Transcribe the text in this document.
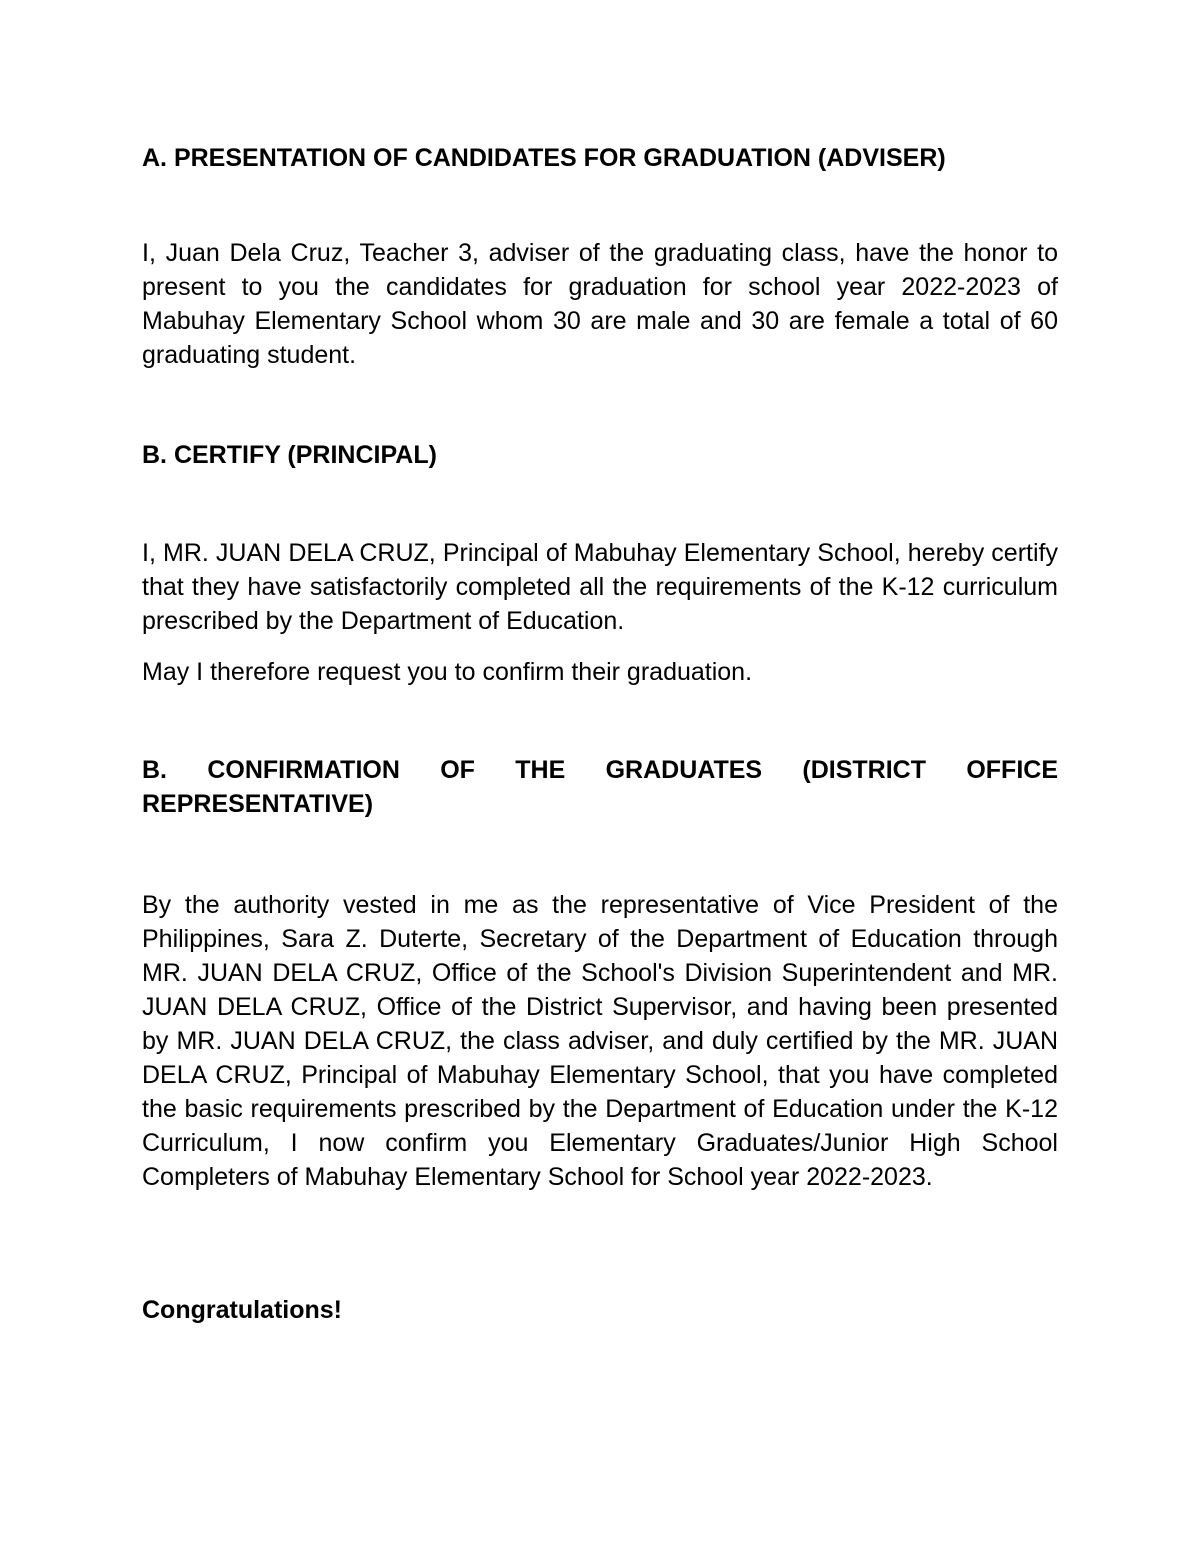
A. PRESENTATION OF CANDIDATES FOR GRADUATION (ADVISER)

I, Juan Dela Cruz, Teacher 3, adviser of the graduating class, have the honor to present to you the candidates for graduation for school year 2022-2023 of Mabuhay Elementary School whom 30 are male and 30 are female a total of 60 graduating student.

B. CERTIFY (PRINCIPAL)

I, MR. JUAN DELA CRUZ, Principal of Mabuhay Elementary School, hereby certify that they have satisfactorily completed all the requirements of the K-12 curriculum prescribed by the Department of Education.

May I therefore request you to confirm their graduation.

B. CONFIRMATION OF THE GRADUATES (DISTRICT OFFICE REPRESENTATIVE)

By the authority vested in me as the representative of Vice President of the Philippines, Sara Z. Duterte, Secretary of the Department of Education through MR. JUAN DELA CRUZ, Office of the School's Division Superintendent and MR. JUAN DELA CRUZ, Office of the District Supervisor, and having been presented by MR. JUAN DELA CRUZ, the class adviser, and duly certified by the MR. JUAN DELA CRUZ, Principal of Mabuhay Elementary School, that you have completed the basic requirements prescribed by the Department of Education under the K-12 Curriculum, I now confirm you Elementary Graduates/Junior High School Completers of Mabuhay Elementary School for School year 2022-2023.

Congratulations!
